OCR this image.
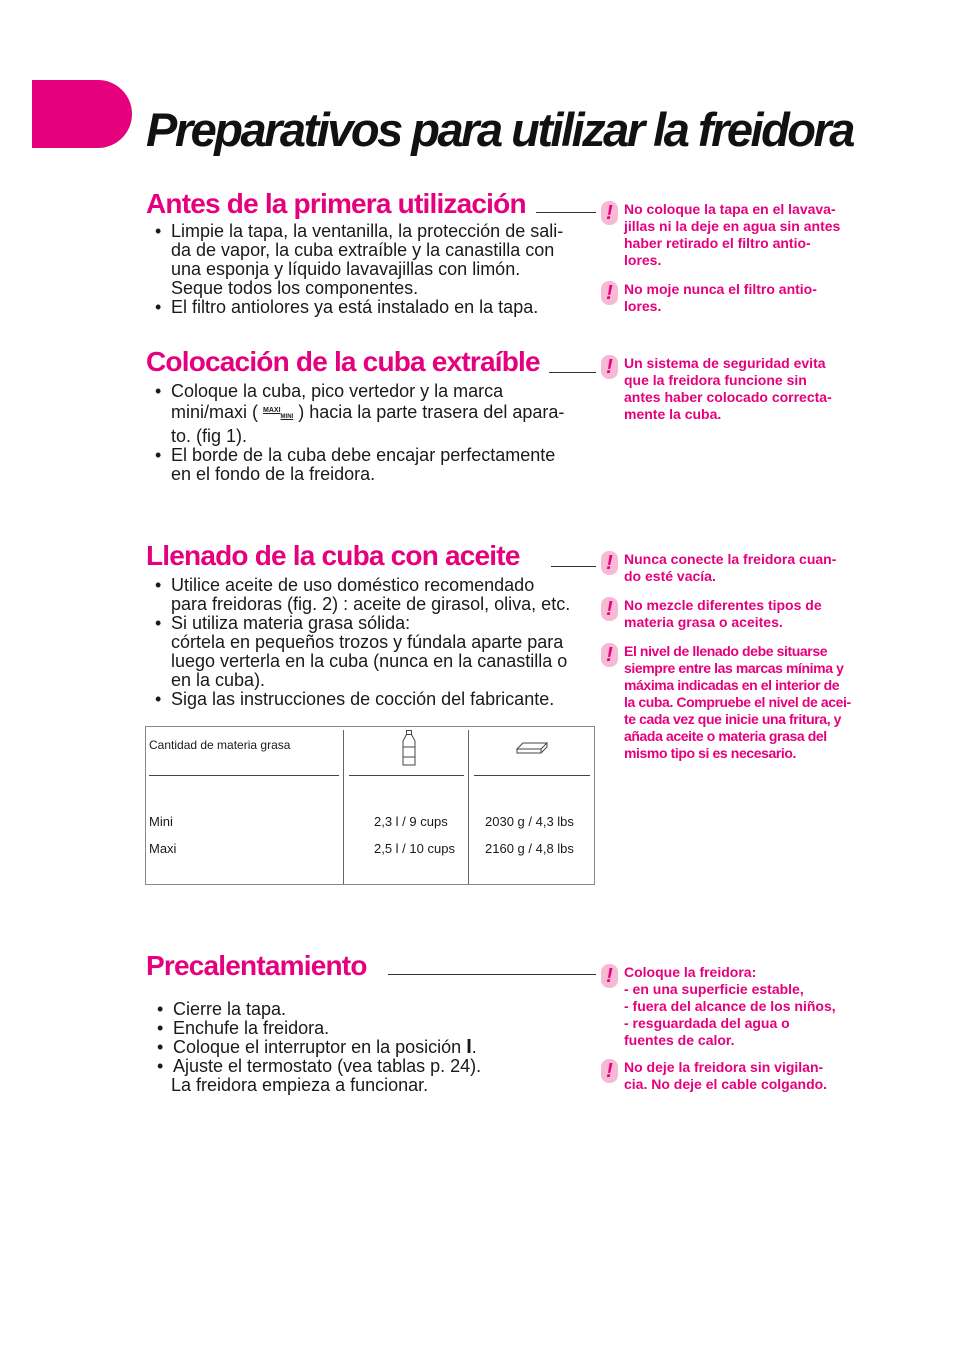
Preparativos para utilizar la freidora
Antes de la primera utilización
• Limpie la tapa, la ventanilla, la protección de sali-
da de vapor, la cuba extraíble y la canastilla con
una esponja y líquido lavavajillas con limón.
Seque todos los componentes.
• El filtro antiolores ya está instalado en la tapa.
Colocación de la cuba extraíble
• Coloque la cuba, pico vertedor y la marca
mini/maxi ( MAXIMINI ) hacia la parte trasera del apara-
to. (fig 1).
• El borde de la cuba debe encajar perfectamente
en el fondo de la freidora.
Llenado de la cuba con aceite
• Utilice aceite de uso doméstico recomendado
para freidoras (fig. 2) : aceite de girasol, oliva, etc.
• Si utiliza materia grasa sólida:
córtela en pequeños trozos y fúndala aparte para
luego verterla en la cuba (nunca en la canastilla o
en la cuba).
• Siga las instrucciones de cocción del fabricante.
Cantidad de materia grasa
Mini	2,3 l / 9 cups	2030 g / 4,3 lbs
Maxi	2,5 l / 10 cups 2160 g / 4,8 lbs
Precalentamiento
• Cierre la tapa.
• Enchufe la freidora.
• Coloque el interruptor en la posición I.
• Ajuste el termostato (vea tablas p. 24).
La freidora empieza a funcionar.
!
No coloque la tapa en el lavava-
jillas ni la deje en agua sin antes
haber retirado el filtro antio-
lores.
!
No moje nunca el filtro antio-
lores.
!
Un sistema de seguridad evita
que la freidora funcione sin
antes haber colocado correcta-
mente la cuba.
!
Nunca conecte la freidora cuan-
do esté vacía.
!
No mezcle diferentes tipos de
materia grasa o aceites.
!
El nivel de llenado debe situarse
siempre entre las marcas mínima y
máxima indicadas en el interior de
la cuba. Compruebe el nivel de acei-
te cada vez que inicie una fritura, y
añada aceite o materia grasa del
mismo tipo si es necesario.
!
Coloque la freidora:
- en una superficie estable,
- fuera del alcance de los niños,
- resguardada del agua o
fuentes de calor.
!
No deje la freidora sin vigilan-
cia. No deje el cable colgando.
